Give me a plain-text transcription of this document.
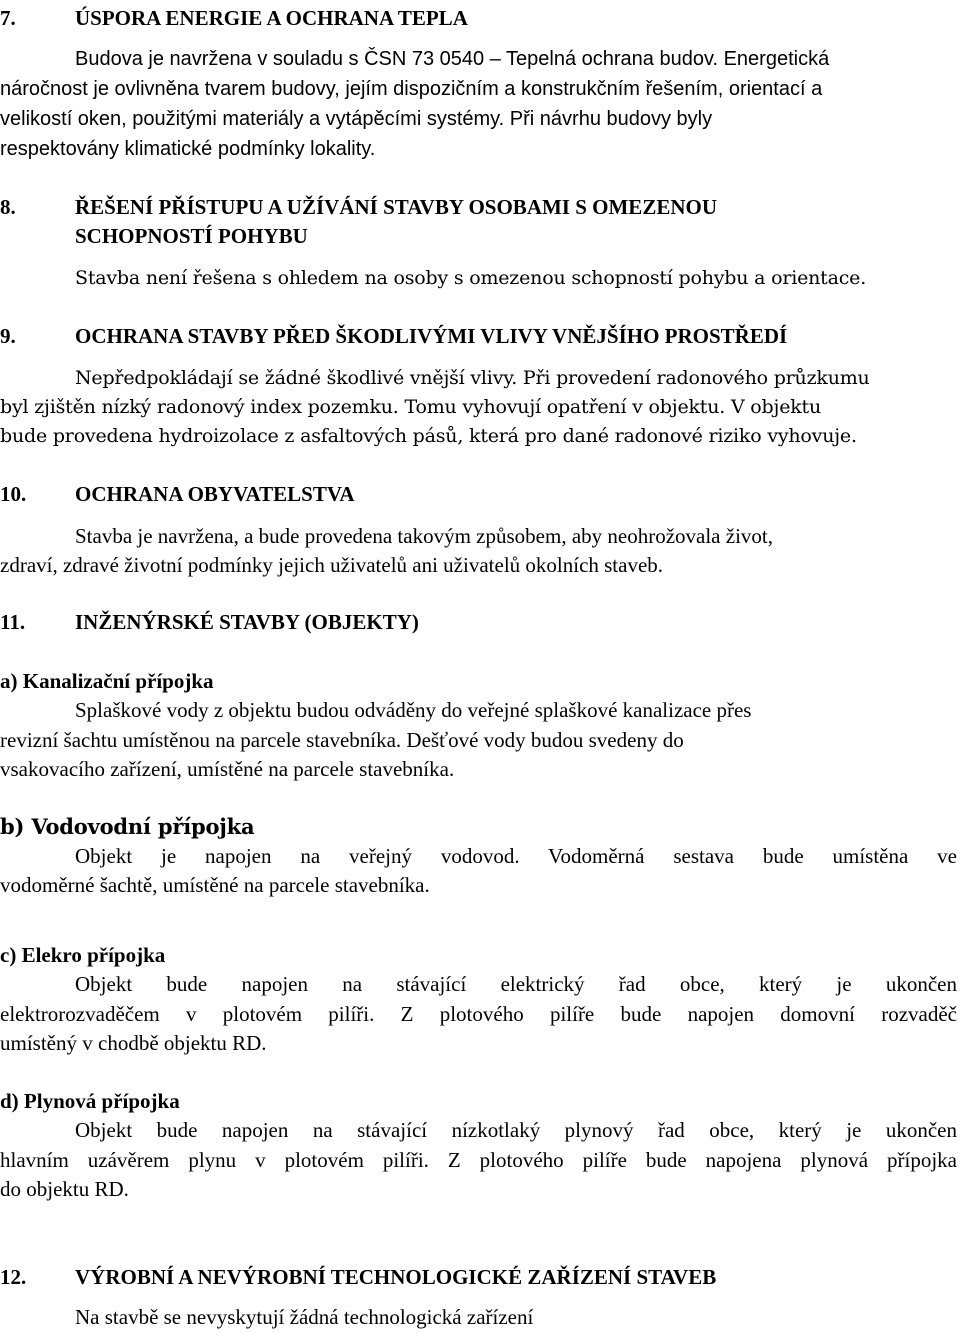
7.	ÚSPORA ENERGIE A OCHRANA TEPLA
Budova je navržena v souladu s ČSN 73 0540 – Tepelná ochrana budov. Energetická
náročnost je ovlivněna tvarem budovy, jejím dispozičním a konstrukčním řešením, orientací a
velikostí oken, použitými materiály a vytápěcími systémy. Při návrhu budovy byly
respektovány klimatické podmínky lokality.
8.	ŘEŠENÍ PŘÍSTUPU A UŽÍVÁNÍ STAVBY OSOBAMI S OMEZENOU
SCHOPNOSTÍ POHYBU
Stavba není řešena s ohledem na osoby s omezenou schopností pohybu a orientace.
9.	OCHRANA STAVBY PŘED ŠKODLIVÝMI VLIVY VNĚJŠÍHO PROSTŘEDÍ
Nepředpokládají se žádné škodlivé vnější vlivy. Při provedení radonového průzkumu
byl zjištěn nízký radonový index pozemku. Tomu vyhovují opatření v objektu. V objektu
bude provedena hydroizolace z asfaltových pásů, která pro dané radonové riziko vyhovuje.
10. OCHRANA OBYVATELSTVA
Stavba je navržena, a bude provedena takovým způsobem, aby neohrožovala život,
zdraví, zdravé životní podmínky jejich uživatelů ani uživatelů okolních staveb.
11. INŽENÝRSKÉ STAVBY (OBJEKTY)
a) Kanalizační přípojka
Splaškové vody z objektu budou odváděny do veřejné splaškové kanalizace přes
revizní šachtu umístěnou na parcele stavebníka. Dešťové vody budou svedeny do
vsakovacího zařízení, umístěné na parcele stavebníka.
b) Vodovodní přípojka
Objekt je napojen na veřejný vodovod. Vodoměrná sestava bude umístěna ve
vodoměrné šachtě, umístěné na parcele stavebníka.
c) Elekro přípojka
Objekt bude napojen na stávající elektrický řad obce, který je ukončen
elektrorozvaděčem v plotovém pilíři. Z plotového pilíře bude napojen domovní rozvaděč
umístěný v chodbě objektu RD.
d) Plynová přípojka
Objekt bude napojen na stávající nízkotlaký plynový řad obce, který je ukončen
hlavním uzávěrem plynu v plotovém pilíři. Z plotového pilíře bude napojena plynová přípojka
do objektu RD.
12. VÝROBNÍ A NEVÝROBNÍ TECHNOLOGICKÉ ZAŘÍZENÍ STAVEB
Na stavbě se nevyskytují žádná technologická zařízení
